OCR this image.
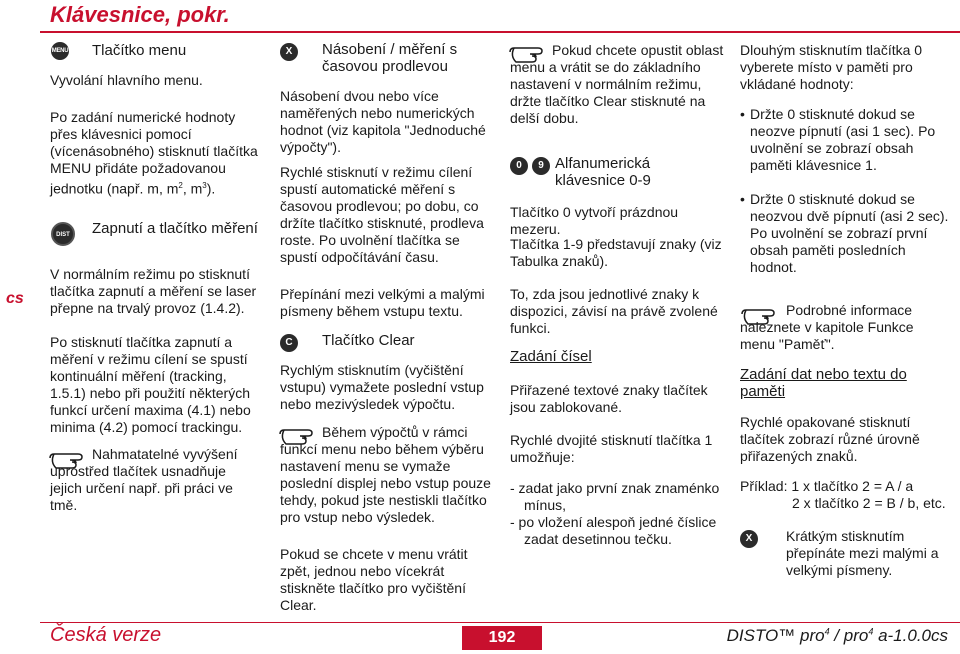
Klávesnice, pokr.
cs
MENU Tlačítko menu
Vyvolání hlavního menu.
Po zadání numerické hodnoty přes klávesnici pomocí (vícenásobného) stisknutí tlačítka MENU přidáte požadovanou jednotku (např. m, $m^2$, $m^3$).
DIST	Zapnutí a tlačítko měření
V normálním režimu po stisknutí tlačítka zapnutí a měření se laser přepne na trvalý provoz (1.4.2).
Po stisknutí tlačítka zapnutí a měření v režimu cílení se spustí kontinuální měření (tracking, 1.5.1) nebo při použití některých funkcí určení maxima (4.1) nebo minima (4.2) pomocí trackingu.
Nahmatatelné vyvýšení uprostřed tlačítek usnadňuje jejich určení např. při práci ve tmě.
X	Násobení / měření s časovou prodlevou
Násobení dvou nebo více naměřených nebo numerických hodnot (viz kapitola "Jednoduché výpočty").
Rychlé stisknutí v režimu cílení spustí automatické měření s časovou prodlevou; po dobu, co držíte tlačítko stisknuté, prodleva roste. Po uvolnění tlačítka se spustí odpočítávání času.
Přepínání mezi velkými a malými písmeny během vstupu textu.
C	Tlačítko Clear
Rychlým stisknutím (vyčištění vstupu) vymažete poslední vstup nebo mezivýsledek výpočtu.
Během výpočtů v rámci funkcí menu nebo během výběru nastavení menu se vymaže poslední displej nebo vstup pouze tehdy, pokud jste nestiskli tlačítko pro vstup nebo výsledek.
Pokud se chcete v menu vrátit zpět, jednou nebo vícekrát stiskněte tlačítko pro vyčištění Clear.
Pokud chcete opustit oblast menu a vrátit se do základního nastavení v normálním režimu, držte tlačítko Clear stisknuté na delší dobu.
0	9 Alfanumerická klávesnice 0-9
Tlačítko 0 vytvoří prázdnou mezeru.
Tlačítka 1-9 představují znaky (viz Tabulka znaků).
To, zda jsou jednotlivé znaky k dispozici, závisí na právě zvolené funkci.
Zadání čísel
Přiřazené textové znaky tlačítek jsou zablokované.
Rychlé dvojité stisknutí tlačítka 1 umožňuje:
- zadat jako první znak znaménko mínus,
- po vložení alespoň jedné číslice zadat desetinnou tečku.
Dlouhým stisknutím tlačítka 0 vyberete místo v paměti pro vkládané hodnoty:
• Držte 0 stisknuté dokud se neozve pípnutí (asi 1 sec). Po uvolnění se zobrazí obsah paměti klávesnice 1.
• Držte 0 stisknuté dokud se neozvou dvě pípnutí (asi 2 sec). Po uvolnění se zobrazí první obsah paměti posledních hodnot.
Podrobné informace naleznete v kapitole Funkce menu "Paměť".
Zadání dat nebo textu do paměti
Rychlé opakované stisknutí tlačítek zobrazí různé úrovně přiřazených znaků.
Příklad: 1 x tlačítko 2 = A / a
2 x tlačítko 2 = B / b, etc.
X	Krátkým stisknutím přepínáte mezi malými a velkými písmeny.
Česká verze	192	DISTO™ pro$^4$ / pro$^4$ a-1.0.0cs
